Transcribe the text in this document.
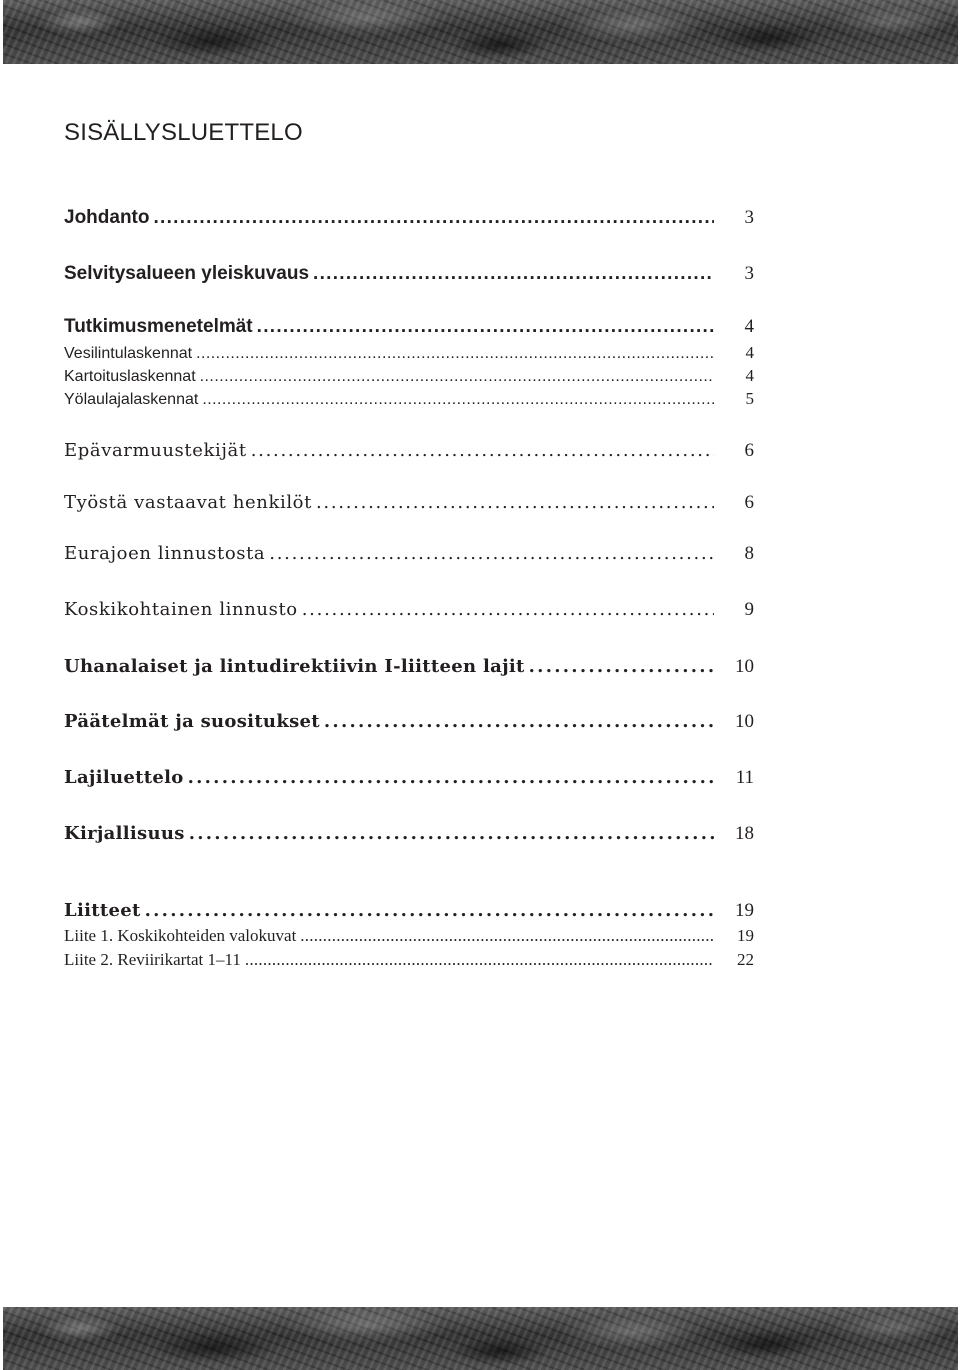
SISÄLLYSLUETTELO
Johdanto . . .	3
Selvitysalueen yleiskuvaus . . .	3
Tutkimusmenetelmät . . .	4
Vesilintulaskennat . . .	4
Kartoituslaskennat . . .	4
Yölaulajalaskennat . . .	5
Epävarmuustekijät . . .	6
Työstä vastaavat henkilöt . . .	6
Eurajoen linnustosta . . .	8
Koskikohtainen linnusto . . .	9
Uhanalaiset ja lintudirektiivin I-liitteen lajit . . .	10
Päätelmät ja suositukset . . .	10
Lajiluettelo . . .	11
Kirjallisuus . . .	18
Liitteet . . .	19
Liite 1. Koskikohteiden valokuvat . . .	19
Liite 2. Reviirikartat 1–11 . . .	22
